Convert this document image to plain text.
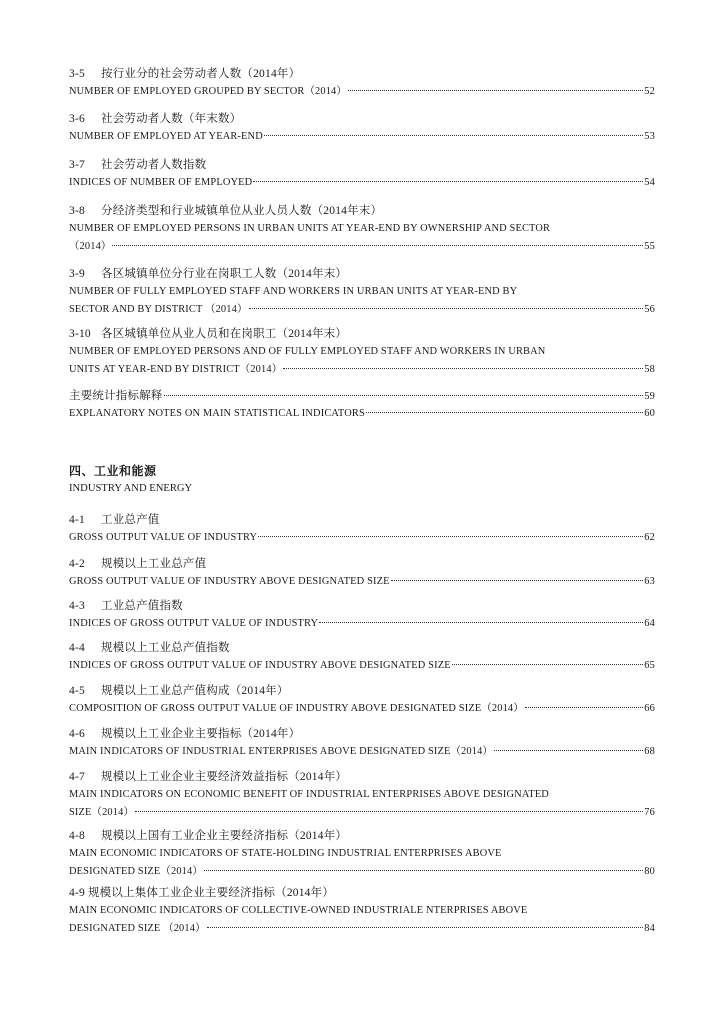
3-5 按行业分的社会劳动者人数（2014年）
NUMBER OF EMPLOYED GROUPED BY SECTOR（2014）	52
3-6 社会劳动者人数（年末数）
NUMBER OF EMPLOYED AT YEAR-END	53
3-7 社会劳动者人数指数
INDICES OF NUMBER OF EMPLOYED	54
3-8 分经济类型和行业城镇单位从业人员人数（2014年末）
NUMBER OF EMPLOYED PERSONS IN URBAN UNITS AT YEAR-END BY OWNERSHIP AND SECTOR
（2014）	55
3-9 各区城镇单位分行业在岗职工人数（2014年末）
NUMBER OF FULLY EMPLOYED STAFF AND WORKERS IN URBAN UNITS AT YEAR-END BY
SECTOR AND BY DISTRICT （2014）	56
3-10 各区城镇单位从业人员和在岗职工（2014年末）
NUMBER OF EMPLOYED PERSONS AND OF FULLY EMPLOYED STAFF AND WORKERS IN URBAN
UNITS AT YEAR-END BY DISTRICT（2014）	58
主要统计指标解释	59
EXPLANATORY NOTES ON MAIN STATISTICAL INDICATORS	60
四、工业和能源
INDUSTRY AND ENERGY
4-1 工业总产值
GROSS OUTPUT VALUE OF INDUSTRY	62
4-2 规模以上工业总产值
GROSS OUTPUT VALUE OF INDUSTRY ABOVE DESIGNATED SIZE	63
4-3 工业总产值指数
INDICES OF GROSS OUTPUT VALUE OF INDUSTRY	64
4-4 规模以上工业总产值指数
INDICES OF GROSS OUTPUT VALUE OF INDUSTRY ABOVE DESIGNATED SIZE	65
4-5 规模以上工业总产值构成（2014年）
COMPOSITION OF GROSS OUTPUT VALUE OF INDUSTRY ABOVE DESIGNATED SIZE（2014）	66
4-6 规模以上工业企业主要指标（2014年）
MAIN INDICATORS OF INDUSTRIAL ENTERPRISES ABOVE DESIGNATED SIZE（2014）	68
4-7 规模以上工业企业主要经济效益指标（2014年）
MAIN INDICATORS ON ECONOMIC BENEFIT OF INDUSTRIAL ENTERPRISES ABOVE DESIGNATED
SIZE（2014）	76
4-8 规模以上国有工业企业主要经济指标（2014年）
MAIN ECONOMIC INDICATORS OF STATE-HOLDING INDUSTRIAL ENTERPRISES ABOVE
DESIGNATED SIZE（2014）	80
4-9 规模以上集体工业企业主要经济指标（2014年）
MAIN ECONOMIC INDICATORS OF COLLECTIVE-OWNED INDUSTRIALE NTERPRISES ABOVE
DESIGNATED SIZE （2014）	84
